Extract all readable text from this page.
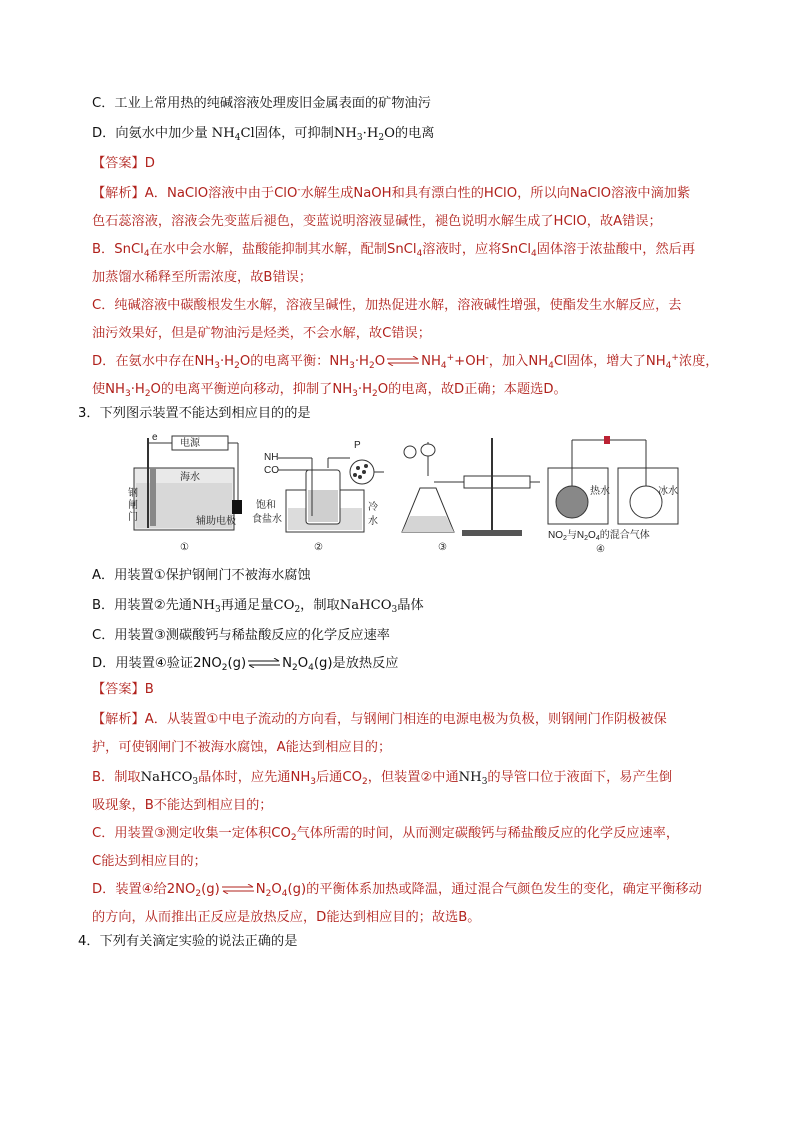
C．工业上常用热的纯碱溶液处理废旧金属表面的矿物油污
D．向氨水中加少量 $NH_4Cl$固体，可抑制$NH_3\cdot H_2O$的电离
【答案】D
【解析】A．NaClO溶液中由于ClO-水解生成NaOH和具有漂白性的HClO，所以向NaClO溶液中滴加紫
色石蕊溶液，溶液会先变蓝后褪色，变蓝说明溶液显碱性，褪色说明水解生成了HClO，故A错误；
B．SnCl$_4$在水中会水解，盐酸能抑制其水解，配制SnCl$_4$溶液时，应将SnCl$_4$固体溶于浓盐酸中，然后再
加蒸馏水稀释至所需浓度，故B错误；
C．纯碱溶液中碳酸根发生水解，溶液呈碱性，加热促进水解，溶液碱性增强，使酯发生水解反应，去
油污效果好，但是矿物油污是烃类，不会水解，故C错误；
D．在氨水中存在$NH_3\cdot H_2O$的电离平衡：$NH_3\cdot H_2O\rightleftharpoons NH_4^++OH^-$，加入$NH_4Cl$固体，增大了$NH_4^+$浓度，
使$NH_3\cdot H_2O$的电离平衡逆向移动，抑制了$NH_3\cdot H_2O$的电离，故D正确；本题选D。
3．下列图示装置不能达到相应目的的是
电源
海水
辅助电极
钢
闸
门
e
①
NH
CO
P
饱和
食盐水
冷
水
②	③
热水	冰水
$NO_2$与$N_2O_4$的混合气体
④
A．用装置①保护钢闸门不被海水腐蚀
B．用装置②先通$NH_3$再通足量$CO_2$，制取NaHCO$_3$晶体
C．用装置③测碳酸钙与稀盐酸反应的化学反应速率
D．用装置④验证$2NO_2(g)\rightleftharpoons N_2O_4(g)$是放热反应
【答案】B
【解析】A．从装置①中电子流动的方向看，与钢闸门相连的电源电极为负极，则钢闸门作阴极被保
护，可使钢闸门不被海水腐蚀，A能达到相应目的；
B．制取NaHCO$_3$晶体时，应先通$NH_3$后通$CO_2$，但装置②中通$NH_3$的导管口位于液面下，易产生倒
吸现象，B不能达到相应目的；
C．用装置③测定收集一定体积$CO_2$气体所需的时间，从而测定碳酸钙与稀盐酸反应的化学反应速率，
C能达到相应目的；
D．装置④给$2NO_2(g)\rightleftharpoons N_2O_4(g)$的平衡体系加热或降温，通过混合气颜色发生的变化，确定平衡移动
的方向，从而推出正反应是放热反应，D能达到相应目的；故选B。
4．下列有关滴定实验的说法正确的是
